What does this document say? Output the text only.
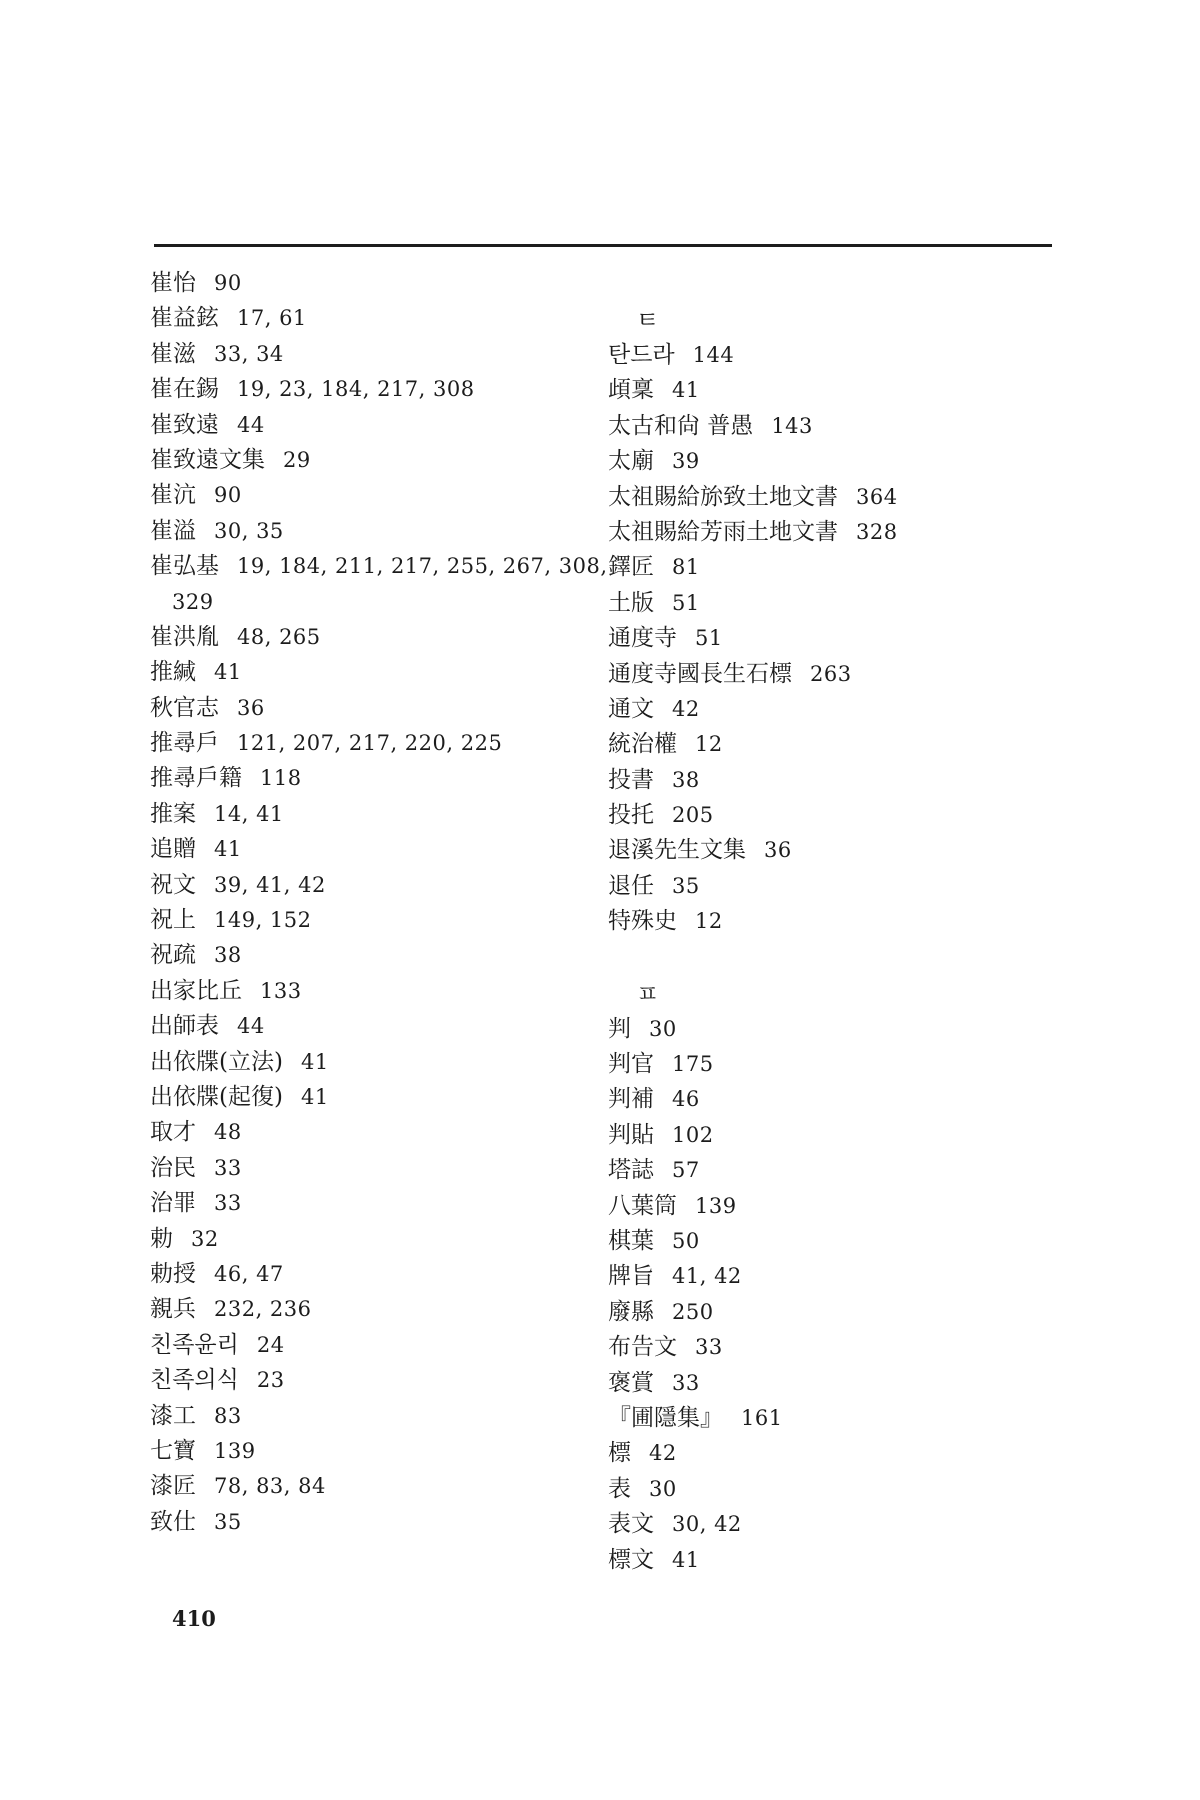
崔怡 90
崔益鉉 17, 61
崔滋 33, 34
崔在錫 19, 23, 184, 217, 308
崔致遠 44
崔致遠文集 29
崔沆 90
崔溢 30, 35
崔弘基 19, 184, 211, 217, 255, 267, 308,
329
崔洪胤 48, 265
推緘 41
秋官志 36
推尋戶 121, 207, 217, 220, 225
推尋戶籍 118
推案 14, 41
追贈 41
祝文 39, 41, 42
祝上 149, 152
祝疏 38
出家比丘 133
出師表 44
出依牒(立法) 41
出依牒(起復) 41
取才 48
治民 33
治罪 33
勅 32
勅授 46, 47
親兵 232, 236
친족윤리 24
친족의식 23
漆工 83
七寶 139
漆匠 78, 83, 84
致仕 35
ㅌ
탄드라 144
頉稟 41
太古和尙 普愚 143
太廟 39
太祖賜給旀致土地文書 364
太祖賜給芳雨土地文書 328
鐸匠 81
土版 51
通度寺 51
通度寺國長生石標 263
通文 42
統治權 12
投書 38
投托 205
退溪先生文集 36
退任 35
特殊史 12
ㅍ
判 30
判官 175
判補 46
判貼 102
塔誌 57
八葉筒 139
棋葉 50
牌旨 41, 42
廢縣 250
布告文 33
褒賞 33
『圃隱集』 161
標 42
表 30
表文 30, 42
標文 41
410
